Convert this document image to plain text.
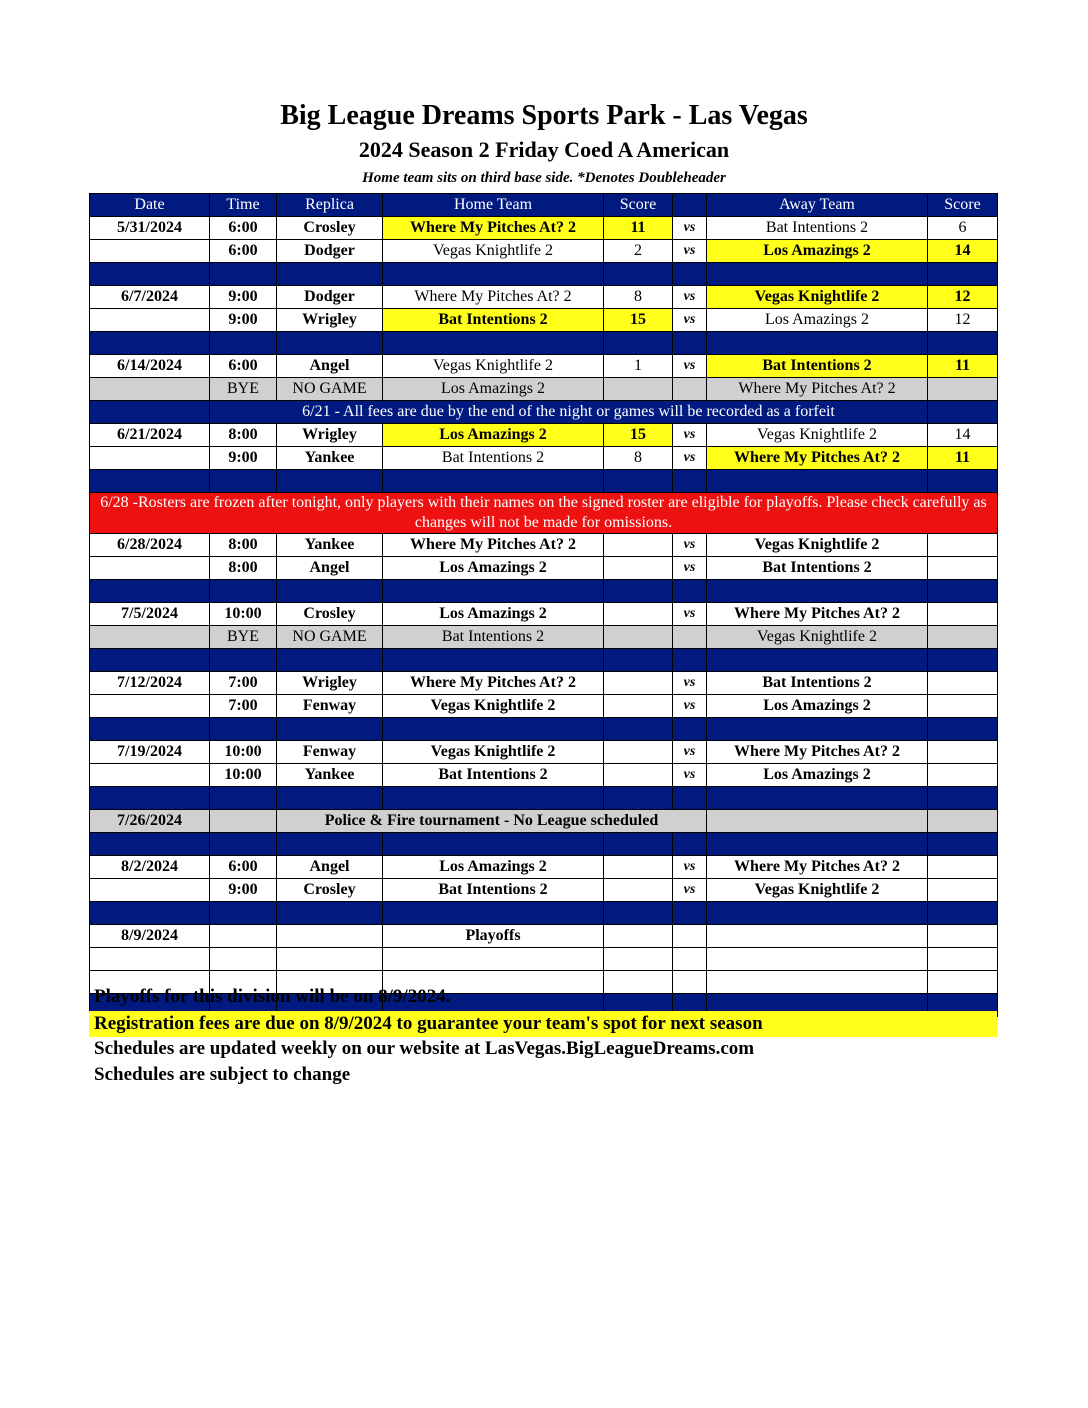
Big League Dreams Sports Park - Las Vegas
2024 Season 2 Friday Coed A American
Home team sits on third base side. *Denotes Doubleheader
Date	Time	Replica	Home Team	Score		Away Team	Score
5/31/2024	6:00	Crosley	Where My Pitches At? 2	11	vs	Bat Intentions 2	6
	6:00	Dodger	Vegas Knightlife 2	2	vs	Los Amazings 2	14

6/7/2024	9:00	Dodger	Where My Pitches At? 2	8	vs	Vegas Knightlife 2	12
	9:00	Wrigley	Bat Intentions 2	15	vs	Los Amazings 2	12

6/14/2024	6:00	Angel	Vegas Knightlife 2	1	vs	Bat Intentions 2	11
	BYE	NO GAME	Los Amazings 2			Where My Pitches At? 2	
	6/21 - All fees are due by the end of the night or games will be recorded as a forfeit						
6/21/2024	8:00	Wrigley	Los Amazings 2	15	vs	Vegas Knightlife 2	14
	9:00	Yankee	Bat Intentions 2	8	vs	Where My Pitches At? 2	11

6/28 -Rosters are frozen after tonight, only players with their names on the signed roster are eligible for playoffs. Please check carefully as changes will not be made for omissions.							
6/28/2024	8:00	Yankee	Where My Pitches At? 2		vs	Vegas Knightlife 2	
	8:00	Angel	Los Amazings 2		vs	Bat Intentions 2	

7/5/2024	10:00	Crosley	Los Amazings 2		vs	Where My Pitches At? 2	
	BYE	NO GAME	Bat Intentions 2			Vegas Knightlife 2	

7/12/2024	7:00	Wrigley	Where My Pitches At? 2		vs	Bat Intentions 2	
	7:00	Fenway	Vegas Knightlife 2		vs	Los Amazings 2	

7/19/2024	10:00	Fenway	Vegas Knightlife 2		vs	Where My Pitches At? 2	
	10:00	Yankee	Bat Intentions 2		vs	Los Amazings 2	

7/26/2024		Police & Fire tournament - No League scheduled					

8/2/2024	6:00	Angel	Los Amazings 2		vs	Where My Pitches At? 2	
	9:00	Crosley	Bat Intentions 2		vs	Vegas Knightlife 2	

8/9/2024			Playoffs				

Playoffs for this division will be on 8/9/2024.
Registration fees are due on 8/9/2024 to guarantee your team's spot for next season
Schedules are updated weekly on our website at LasVegas.BigLeagueDreams.com
Schedules are subject to change
